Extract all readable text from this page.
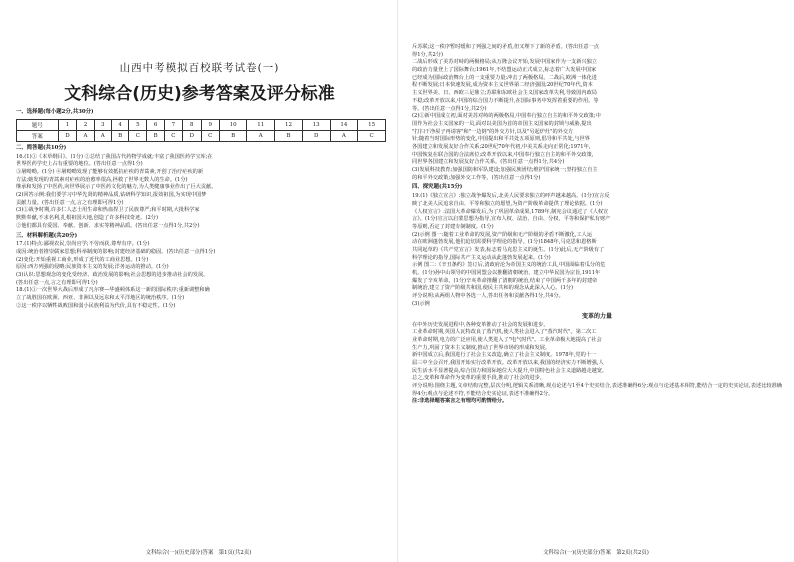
山西中考模拟百校联考试卷(一)
文科综合(历史)参考答案及评分标准
一、选择题(每小题2分,共30分)
题号	1	2	3	4	5	6	7	8	9	10	11	12	13	14	15
答案	D	A	A	B	C	B	C	D	C	B	A	B	D	A	C
二、简答题(共10分)

16.(1)①《本草纲目》。(1分) ②总结了我国古代药物学成就;丰富了我国医药学宝库;在

世界医药学史上占有重要的地位。(答出任意一点得1分)

③屠呦呦。(1分) ④屠呦呦发现了能够有效抵抗疟疾的青蒿素,开创了治疗疟疾的新

方法;她发现的青蒿素对疟疾的治愈率很高,拯救了世界无数人的生命。(1分)

继承和发扬了中医药,向世界展示了中医药文化的魅力,为人类健康事业作出了巨大贡献。

(2)回答示例:我们要学习中华先贤的精神品质,钻研科学知识,报效祖国,为实现中国梦

贡献力量。(答出任意一点,言之有理即可得1分)

(3)①战争时期,许多仁人志士用生命和热血捍卫了民族尊严;和平时期,大批科学家

默默奉献,不求名利,扎根祖国大地,创造了许多科技奇迹。(2分)

②他们都具有爱国、奉献、创新、求实等精神品质。(答出任意一点得1分,共2分)

三、材料解析题(共20分)

17.(1)特点:鄙视农民,崇尚官学;不劳而获,尊卑有序。(1分)

成因:统治者推崇儒家思想;科举制度的影响;封建经济基础的稳固。(答出任意一点得1分)

(2)变化:开始重视工商业,形成了近代的工商业思想。(1分)

原因:西方列强的侵略;民族资本主义的发展;洋务运动的推动。(1分)

(3)认识:思想观念的变化受经济、政治发展的影响;社会思想的进步推动社会的发展。

(答出任意一点,言之有理即可得1分)

18.(1)①一次世界大战后形成了凡尔赛—华盛顿体系这一新的国际秩序;重新调整和确

立了战胜国在欧洲、西亚、非洲以及远东和太平洋地区的统治秩序。(1分)

②这一秩序以牺牲战败国和弱小民族利益为代价,具有不稳定性。(1分)

文科综合(一)(历史部分)答案　第1页(共2页)

斥苏联;这一秩序暂时缓和了列强之间的矛盾,但又埋下了新的矛盾。(答出任意一点

得1分,共2分)

二战后形成了美苏对峙的两极格局;从万隆会议开始,发展中国家作为一支新兴独立

的政治力量登上了国际舞台;1961年,不结盟运动正式成立,标志着广大发展中国家

已经成为国际政治舞台上的一支重要力量;冲击了两极格局。二战后,欧洲一体化进

程不断发展;日本快速发展,成为资本主义世界第二经济强国;20世纪70年代,资本

主义世界美、日、西欧三足鼎立;苏联和东欧社会主义国家改革失利,导致国内政局

不稳;改革开放以来,中国的综合国力不断提升,在国际事务中发挥着重要的作用。等

等。(答出任意一点得1分,共2分)

(2)①新中国成立初,面对美苏对峙的两极格局,中国奉行独立自主的和平外交政策;中

国作为社会主义国家的一员,面对以美国为首的帝国主义国家的封锁与威胁,提出

"打扫干净屋子再请客"和"一边倒"的外交方针,以及"另起炉灶"的外交方

针;随着当时国际形势的变化,中国提出和平共处五项原则,倡导和平共处,与世界

各国建立和发展友好合作关系;20世纪70年代初,中美关系走向正常化;1971年,

中国恢复在联合国的合法席位;改革开放以来,中国奉行独立自主的和平外交政策,

同世界各国建立和发展友好合作关系。(答出任意一点得1分,共4分)

(3)发展科技教育;加强国防和军队建设;加强民族团结;维护国家统一;坚持独立自主

的和平外交政策;加强外交工作等。(答出任意一点得1分)

四、探究题(共15分)

19.(1)《独立宣言》:独立战争爆发后,北美人民要求独立的呼声越来越高。(1分)宣言反

映了北美人民追求自由、平等和独立的愿望,为资产阶级革命提供了理论依据。(1分)

《人权宣言》:法国大革命爆发后,为了巩固革命成果,1789年,制宪会议通过了《人权宣

言》。(1分)宣言以启蒙思想为指导,宣布人权、法治、自由、分权、平等和保护私有财产

等原则,否定了封建专制制度。(1分)

(2)示例 图一:随着工业革命的发展,资产阶级和无产阶级的矛盾不断激化,工人运

动在欧洲蓬勃发展,他们迫切需要科学理论的指导。(1分)1848年,马克思和恩格斯

共同起草的《共产党宣言》发表,标志着马克思主义的诞生。(1分)此后,无产阶级有了

科学理论的指导,国际共产主义运动从此蓬勃发展起来。(1分)

示例 图二:《辛丑条约》签订后,清政府沦为帝国主义的统治工具,中国面临着瓜分的危

机。(1分)孙中山领导的中国同盟会以推翻清朝统治、建立中华民国为宗旨,1911年

爆发了辛亥革命。(1分)辛亥革命推翻了清朝的统治,结束了中国两千多年的封建帝

制统治,建立了资产阶级共和国,使民主共和的观念从此深入人心。(1分)

评分说明:从两组人物中各选一人,答出任务和贡献各得1分,共4分。

(3)示例

变革的力量

在中外历史发展进程中,各种变革推动了社会的发展和进步。

工业革命时期,英国人瓦特改良了蒸汽机,使人类社会进入了"蒸汽时代"。第二次工

业革命时期,电力的广泛应用,使人类进入了"电气时代"。工业革命极大地提高了社会

生产力,巩固了资本主义制度,推动了世界市场的形成和发展。

新中国成立后,我国进行了社会主义改造,确立了社会主义制度。1978年,党的十一

届三中全会召开,我国开始实行改革开放。改革开放以来,我国的经济实力不断增强,人

民生活水平显著提高,综合国力和国际地位大大提升,中国特色社会主义道路越走越宽。

总之,变革和革命作为变革的重要手段,推动了社会的进步。

评分说明:围绕主题,文章结构完整,层次分明,逻辑关系清晰,观点论述与1至4个史实结合,表述准确得6分;观点与论述基本相符,能结合一定的史实论证,表述比较准确得4分;观点与论述不符,不能结合史实论证,表述不准确得2分。

注:非选择题答案言之有理均可酌情给分。

文科综合(一)(历史部分)答案　第2页(共2页)
